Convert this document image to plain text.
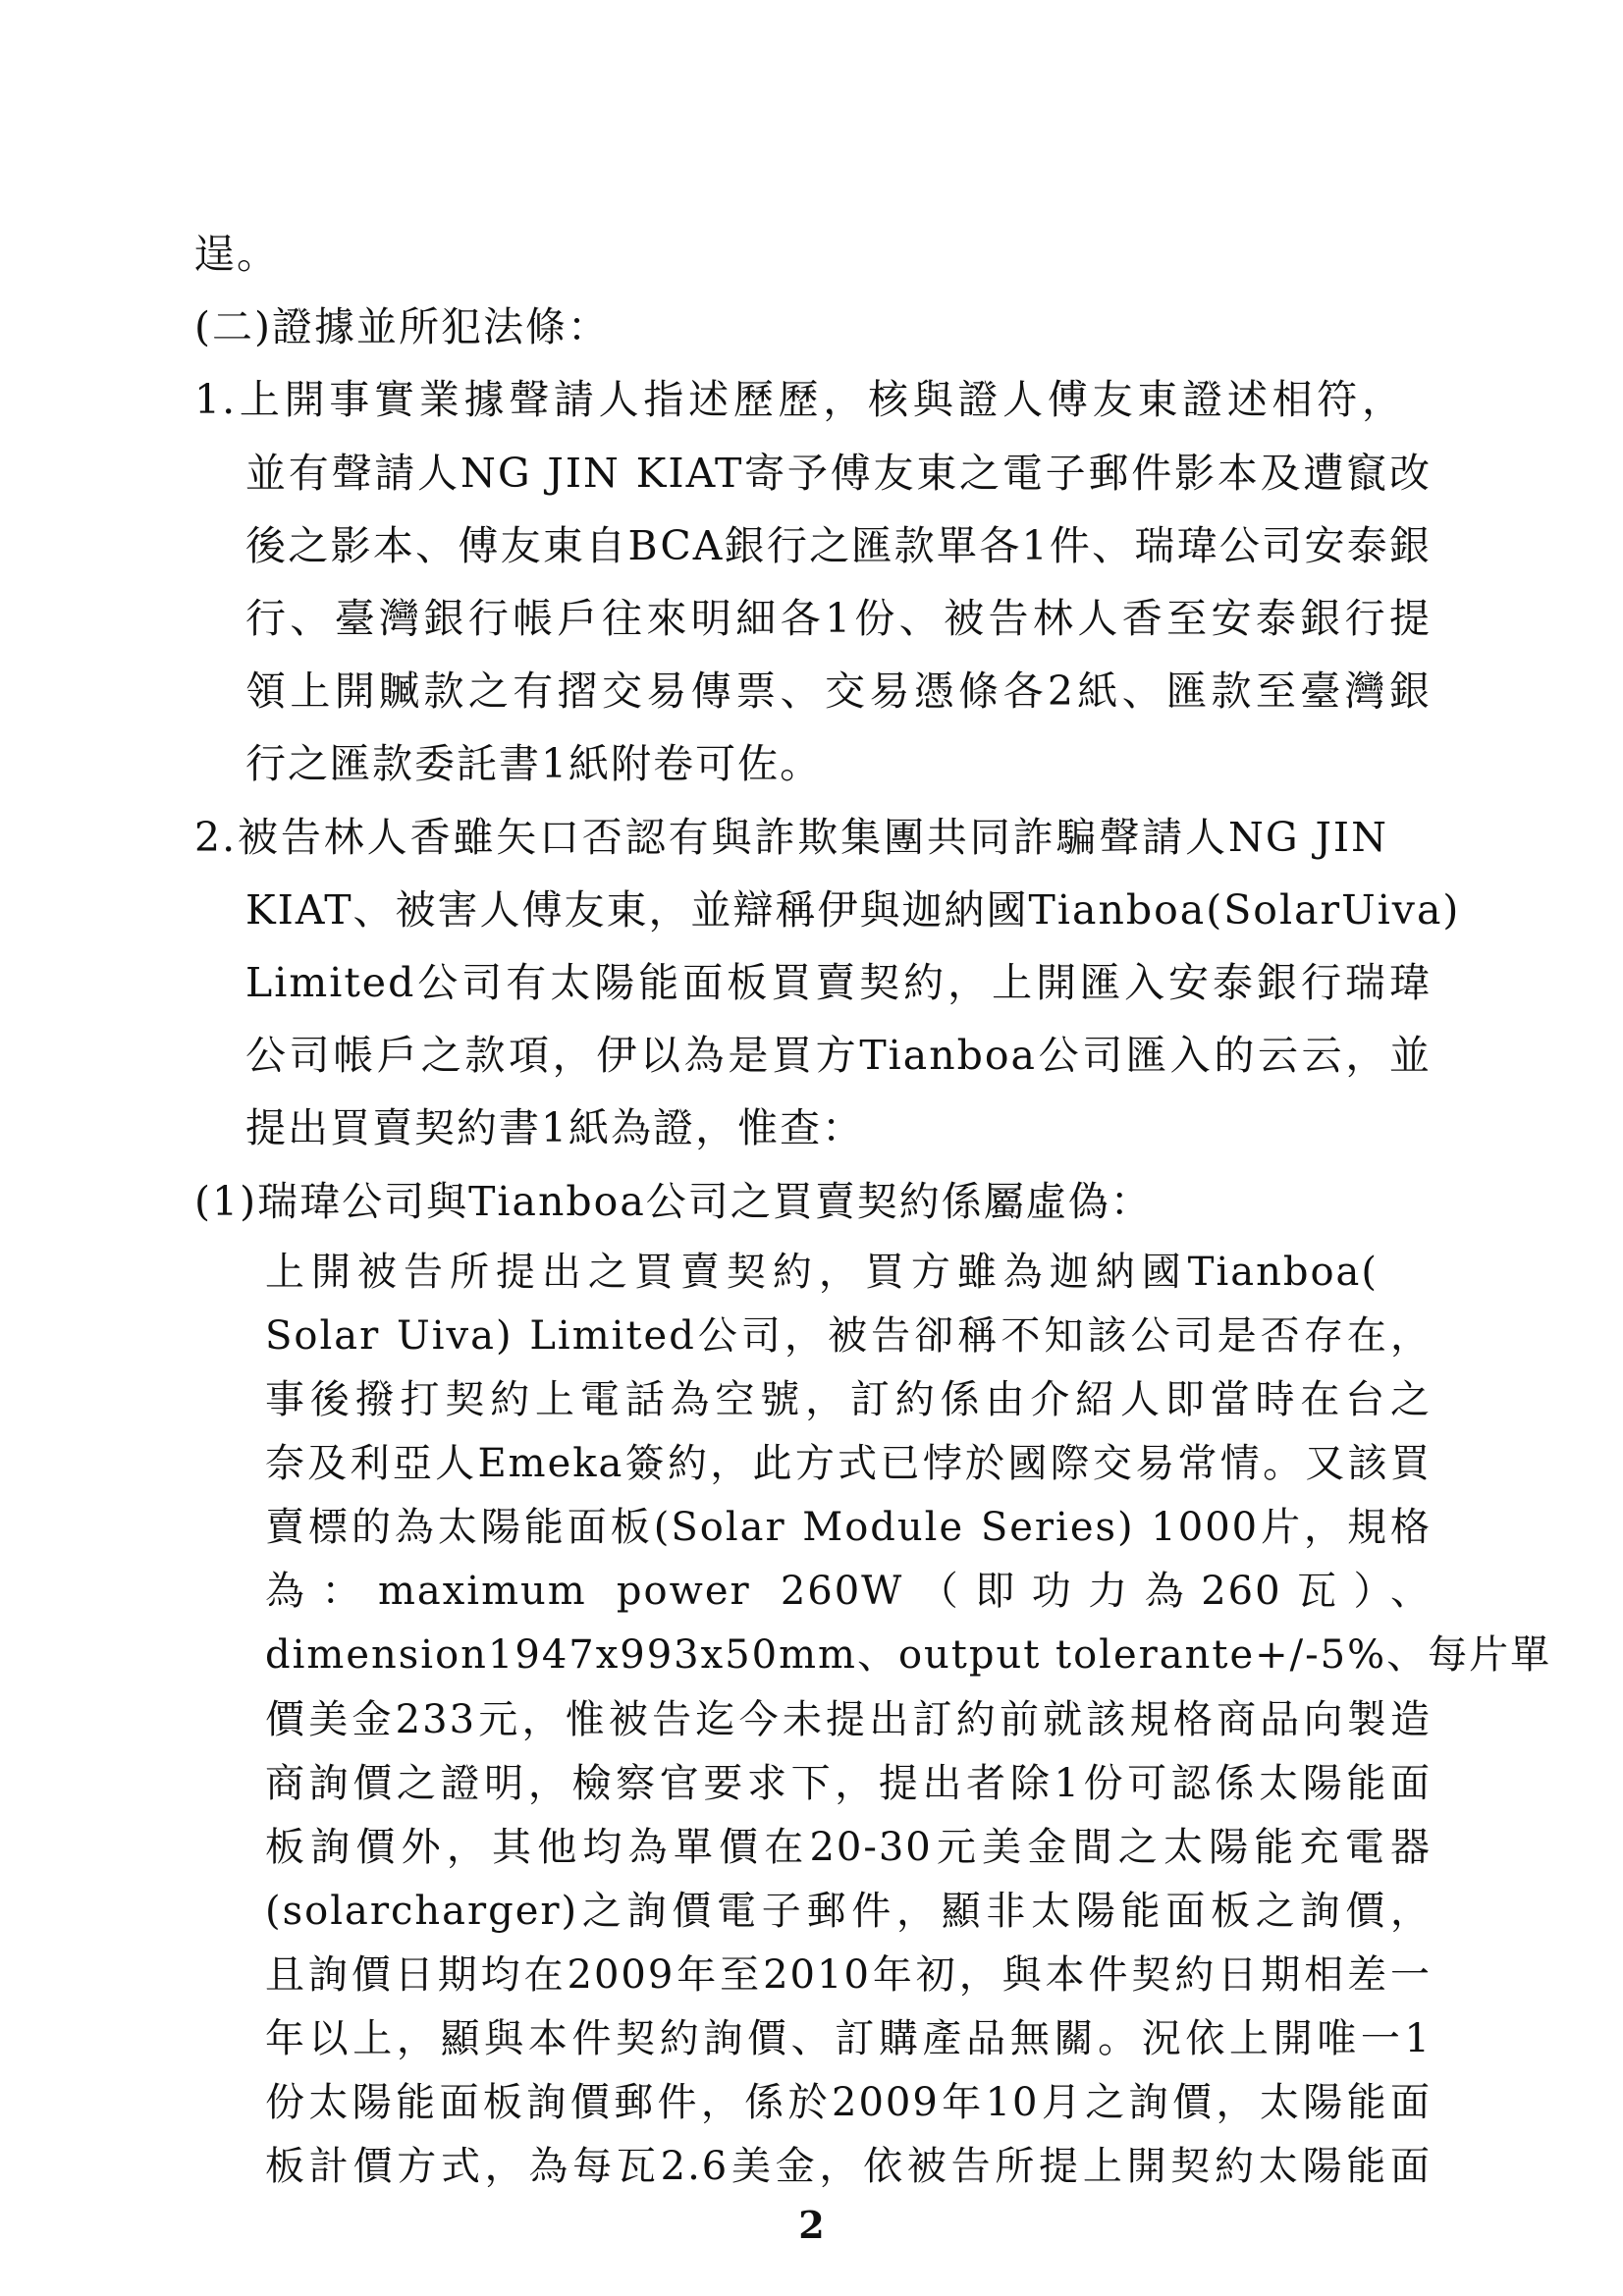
逞。
(二)證據並所犯法條：
1.上開事實業據聲請人指述歷歷，核與證人傅友東證述相符，
並有聲請人NG JIN KIAT寄予傅友東之電子郵件影本及遭竄改
後之影本、傅友東自BCA銀行之匯款單各1件、瑞瑋公司安泰銀
行、臺灣銀行帳戶往來明細各1份、被告林人香至安泰銀行提
領上開贓款之有摺交易傳票、交易憑條各2紙、匯款至臺灣銀
行之匯款委託書1紙附卷可佐。
2.被告林人香雖矢口否認有與詐欺集團共同詐騙聲請人NG JIN
KIAT、被害人傅友東，並辯稱伊與迦納國Tianboa(SolarUiva)
Limited公司有太陽能面板買賣契約，上開匯入安泰銀行瑞瑋
公司帳戶之款項，伊以為是買方Tianboa公司匯入的云云，並
提出買賣契約書1紙為證，惟查：
(1)瑞瑋公司與Tianboa公司之買賣契約係屬虛偽：
上開被告所提出之買賣契約，買方雖為迦納國Tianboa(
Solar Uiva) Limited公司，被告卻稱不知該公司是否存在，
事後撥打契約上電話為空號，訂約係由介紹人即當時在台之
奈及利亞人Emeka簽約，此方式已悖於國際交易常情。又該買
賣標的為太陽能面板(Solar Module Series) 1000片，規格
為：maximum power 260W（即功力為260瓦）、
dimension1947x993x50mm、output tolerante+/-5%、每片單
價美金233元，惟被告迄今未提出訂約前就該規格商品向製造
商詢價之證明，檢察官要求下，提出者除1份可認係太陽能面
板詢價外，其他均為單價在20-30元美金間之太陽能充電器
(solarcharger)之詢價電子郵件，顯非太陽能面板之詢價，
且詢價日期均在2009年至2010年初，與本件契約日期相差一
年以上，顯與本件契約詢價、訂購產品無關。況依上開唯一1
份太陽能面板詢價郵件，係於2009年10月之詢價，太陽能面
板計價方式，為每瓦2.6美金，依被告所提上開契約太陽能面
2
